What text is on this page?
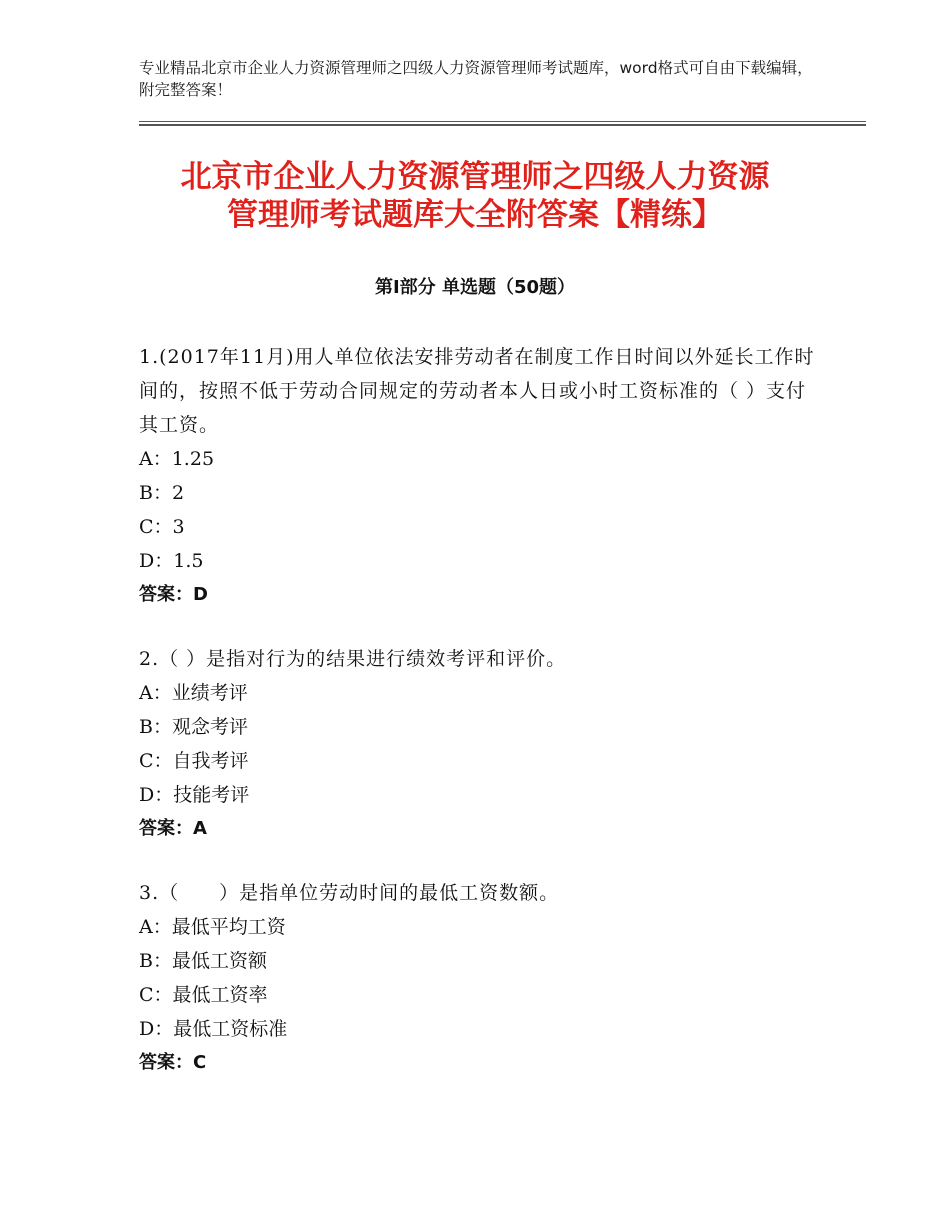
专业精品北京市企业人力资源管理师之四级人力资源管理师考试题库，word格式可自由下载编辑，附完整答案！
北京市企业人力资源管理师之四级人力资源
管理师考试题库大全附答案【精练】
第I部分 单选题（50题）
1.(2017年11月)用人单位依法安排劳动者在制度工作日时间以外延长工作时间的，按照不低于劳动合同规定的劳动者本人日或小时工资标准的（ ）支付其工资。
A：1.25
B：2
C：3
D：1.5
答案：D
2.（ ）是指对行为的结果进行绩效考评和评价。
A：业绩考评
B：观念考评
C：自我考评
D：技能考评
答案：A
3.（　　）是指单位劳动时间的最低工资数额。
A：最低平均工资
B：最低工资额
C：最低工资率
D：最低工资标准
答案：C
